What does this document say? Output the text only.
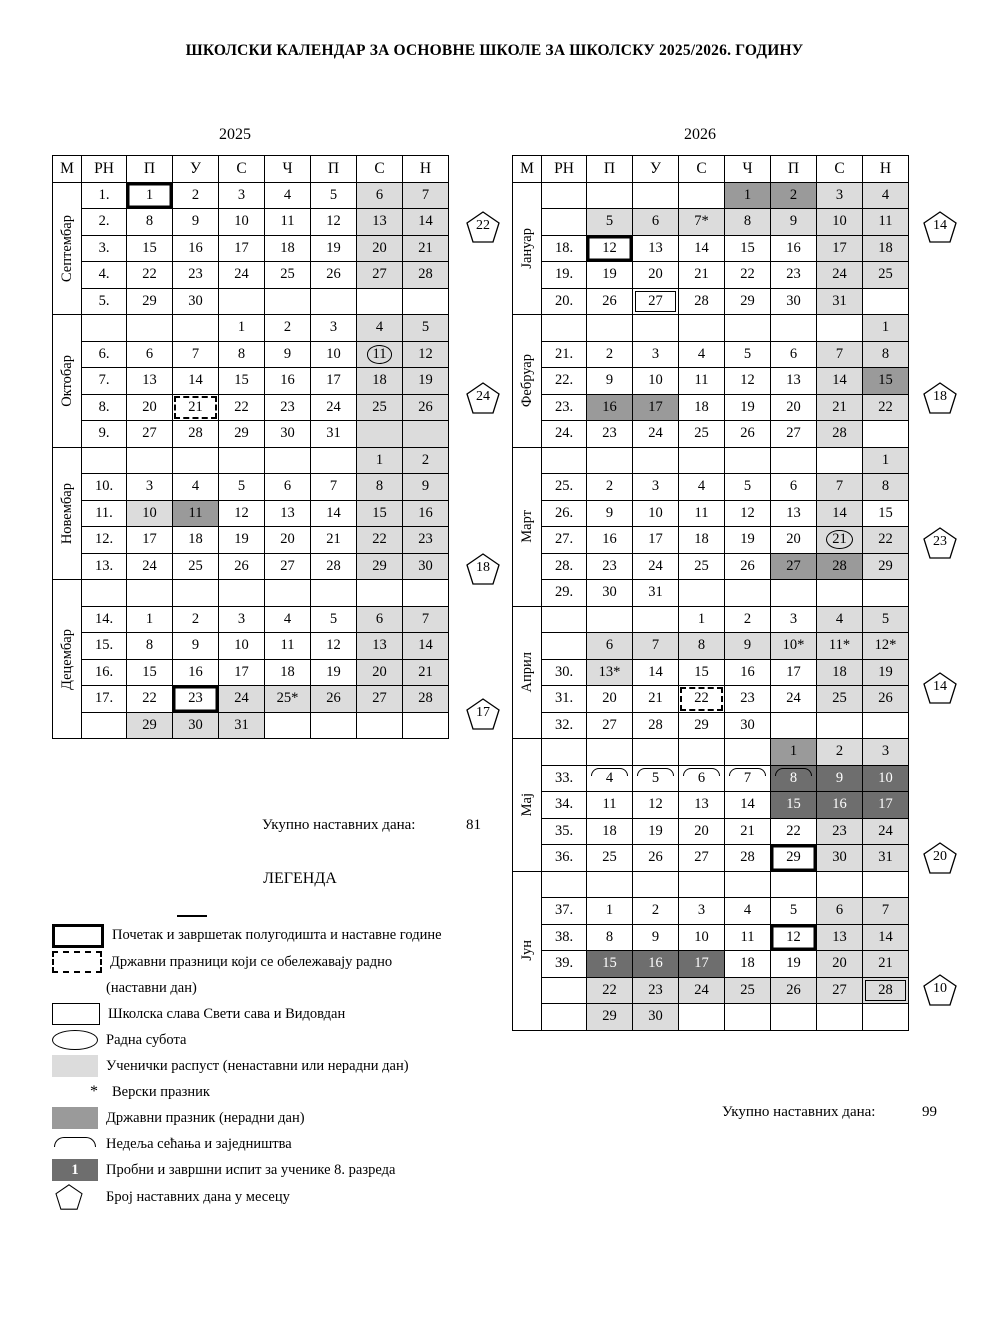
ШКОЛСКИ КАЛЕНДАР ЗА ОСНОВНЕ ШКОЛЕ ЗА ШКОЛСКУ 2025/2026. ГОДИНУ
2025	2026
М	РН	П	У	С	Ч	П	С	Н

Септембар	1.	1	2	3	4	5	6	7
	2.	8	9	10	11	12	13	14
	3.	15	16	17	18	19	20	21
	4.	22	23	24	25	26	27	28
	5.	29	30					

Октобар				1	2	3	4	5
	6.	6	7	8	9	10	11	12
	7.	13	14	15	16	17	18	19
	8.	20	21	22	23	24	25	26
	9.	27	28	29	30	31		

Новембар							1	2
	10.	3	4	5	6	7	8	9
	11.	10	11	12	13	14	15	16
	12.	17	18	19	20	21	22	23
	13.	24	25	26	27	28	29	30

Децембар								

	14.	1	2	3	4	5	6	7
	15.	8	9	10	11	12	13	14
	16.	15	16	17	18	19	20	21
	17.	22	23	24	25*	26	27	28
		29	30	31				
22
24
18
17
Укупно наставних дана:	81
М	РН	П	У	С	Ч	П	С	Н

Јануар					1	2	3	4
		5	6	7*	8	9	10	11
	18.	12	13	14	15	16	17	18
	19.	19	20	21	22	23	24	25
	20.	26	27	28	29	30	31	

Фебруар								1
	21.	2	3	4	5	6	7	8
	22.	9	10	11	12	13	14	15
	23.	16	17	18	19	20	21	22
	24.	23	24	25	26	27	28	

Март								1
	25.	2	3	4	5	6	7	8
	26.	9	10	11	12	13	14	15
	27.	16	17	18	19	20	21	22
	28.	23	24	25	26	27	28	29
	29.	30	31					

Април				1	2	3	4	5
		6	7	8	9	10*	11*	12*
	30.	13*	14	15	16	17	18	19
	31.	20	21	22	23	24	25	26
	32.	27	28	29	30			

Мај						1	2	3
	33.	4	5	6	7	8	9	10
	34.	11	12	13	14	15	16	17
	35.	18	19	20	21	22	23	24
	36.	25	26	27	28	29	30	31

Јун								

	37.	1	2	3	4	5	6	7
	38.	8	9	10	11	12	13	14
	39.	15	16	17	18	19	20	21
		22	23	24	25	26	27	28
		29	30					
14
18
23
14
20
10
Укупно наставних дана:	99
ЛЕГЕНДА
Почетак и завршетак полугодишта и наставне године
Државни празници који се обележавају радно
(наставни дан)
Школска слава Свети сава и Видовдан
Радна субота
Ученички распуст (ненаставни или нерадни дан)
* Верски празник
Државни празник (нерадни дан)
Недеља сећања и заједништва
1	Пробни и завршни испит за ученике 8. разреда
Број наставних дана у месецу
